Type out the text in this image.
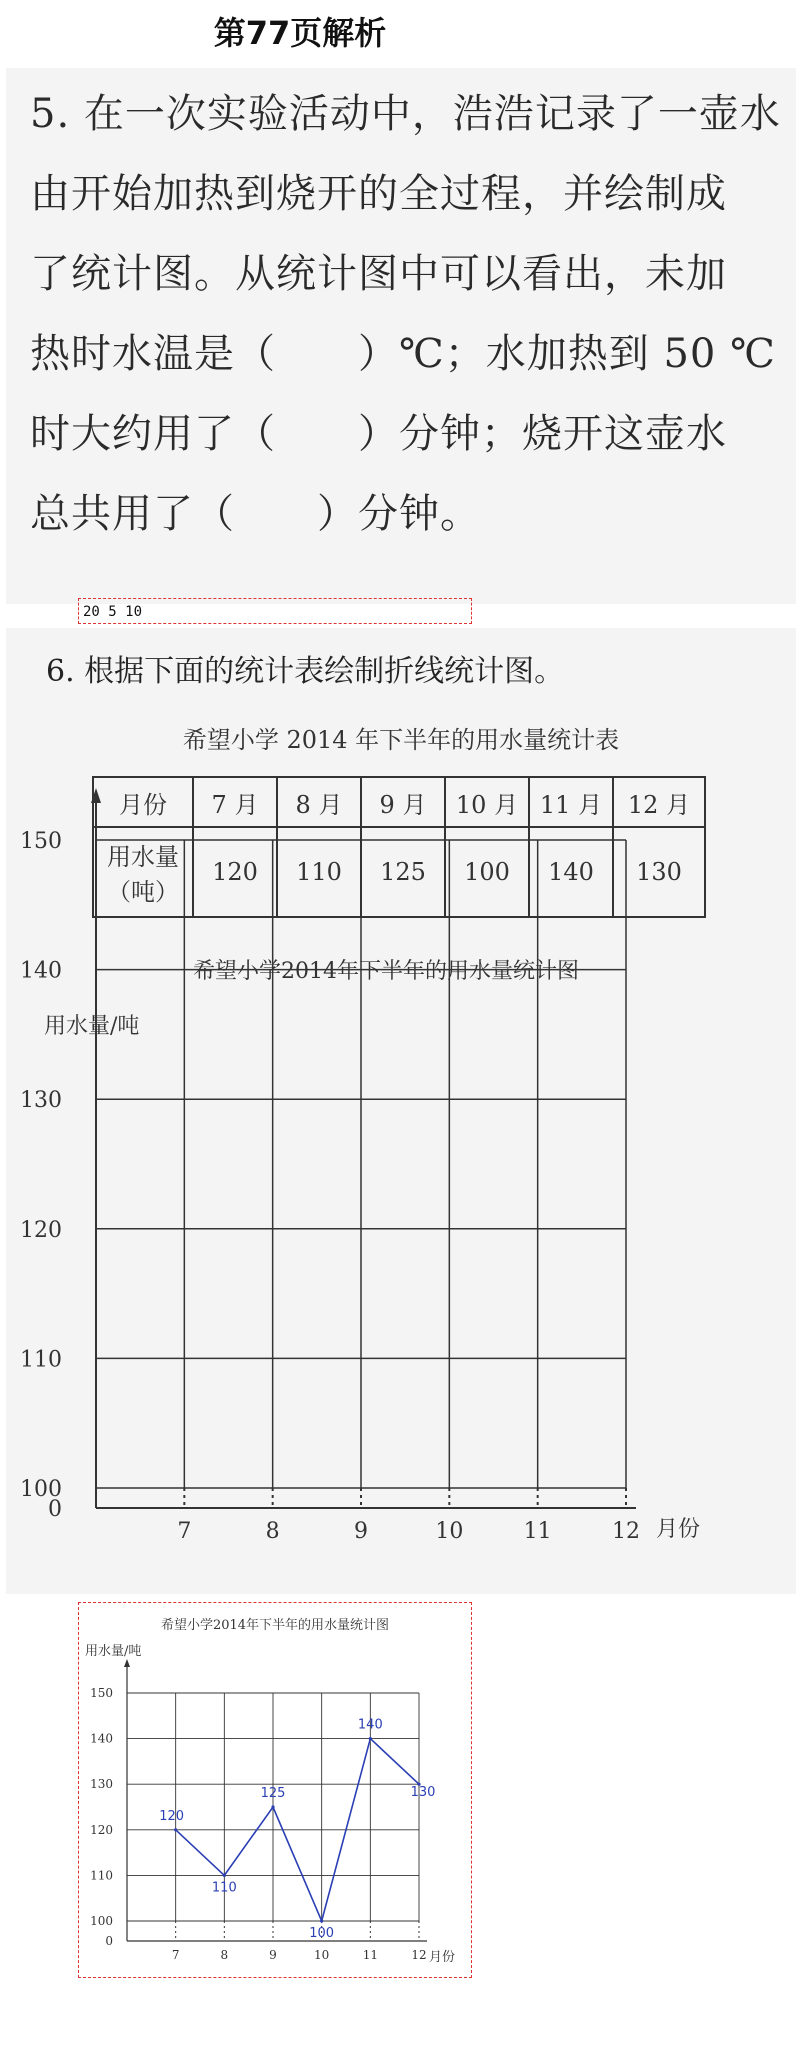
第77页解析

5. 在一次实验活动中，浩浩记录了一壶水

由开始加热到烧开的全过程，并绘制成

了统计图。从统计图中可以看出，未加

热时水温是（　　）℃；水加热到 50 ℃

时大约用了（　　）分钟；烧开这壶水

总共用了（　　）分钟。

20 5 10
6. 根据下面的统计表绘制折线统计图。
希望小学 2014 年下半年的用水量统计表
月份	7 月	8 月	9 月	10 月	11 月	12 月
用水量
（吨）	120	110	125	100	140	130
希望小学2014年下半年的用水量统计图
用水量/吨
月份
100
110
120
130
140
150
0
7	8	9	10	11	12
希望小学2014年下半年的用水量统计图
用水量/吨
月份
100
110
120
130
140
150
0
7	8	9	10	11	12
120
110
125
100
140
130
